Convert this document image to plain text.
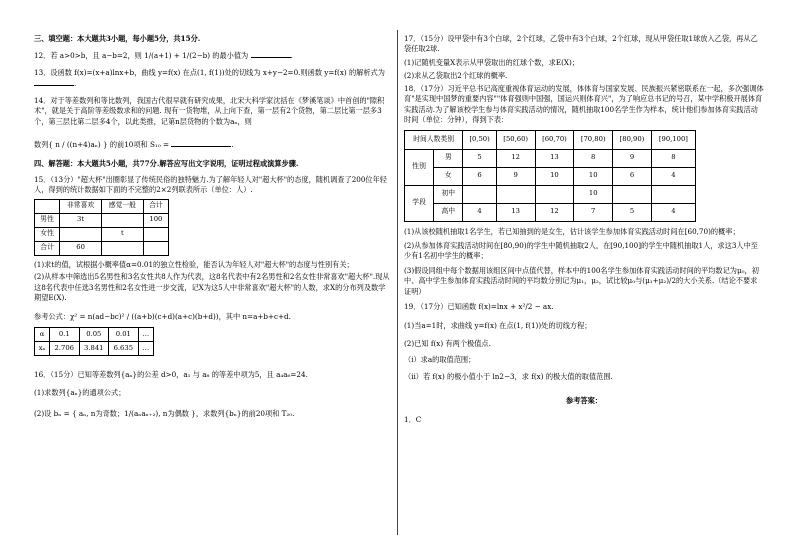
三、填空题：本大题共3小题，每小题5分，共15分.

12．若 a>0>b，且 a−b=2，则 1/(a+1) + 1/(2−b) 的最小值为	.

13．设函数 f(x)=(x+a)lnx+b，曲线 y=f(x) 在点(1, f(1))处的切线为 x+y−2=0.则函数 y=f(x) 的解析式为 .

14．对于等差数列和等比数列，我国古代很早就有研究成果，北宋大科学家沈括在《梦溪笔谈》中首创的"隙积术"，就是关于高阶等差级数求和的问题. 现有一货物堆，从上向下查，第一层有2个货物，第二层比第一层多3个，第三层比第二层多4个，以此类推，记第n层货物的个数为aₙ，则

数列{ n / ((n+4)aₙ) } 的前10项和 S₁₀ =	.

四、解答题：本大题共5小题，共77分.解答应写出文字说明，证明过程或演算步骤.

15．（13分）"超大杯"出圈彰显了传统民俗的独特魅力.为了解年轻人对"超大杯"的态度，随机调查了200位年轻人，得到的统计数据如下面的不完整的2×2列联表所示（单位：人）.

	非常喜欢	感觉一般	合计
男性	3t		100
女性		t	
合计	60		

(1)求t的值，试根据小概率值α=0.01的独立性检验，能否认为年轻人对"超大杯"的态度与性别有关；

(2)从样本中筛选出5名男性和3名女性共8人作为代表，这8名代表中有2名男性和2名女性非常喜欢"超大杯".现从这8名代表中任选3名男性和2名女性进一步交流，记X为这5人中非常喜欢"超大杯"的人数，求X的分布列及数学期望E(X).

参考公式：χ² = n(ad−bc)² / ((a+b)(c+d)(a+c)(b+d))，其中 n=a+b+c+d.

α	0.1	0.05	0.01	…
xₐ	2.706	3.841	6.635	…

16．（15分）已知等差数列{aₙ}的公差 d>0，a₁ 与 a₈ 的等差中项为5，且 a₄a₆=24.

(1)求数列{aₙ}的通项公式；

(2)设 bₙ = { aₙ, n为奇数；1/(aₙaₙ₊₂), n为偶数 }，求数列{bₙ}的前20项和 T₂₀.

17．（15分）设甲袋中有3个白球，2个红球，乙袋中有3个白球，2个红球，现从甲袋任取1球放入乙袋，再从乙袋任取2球.

(1)记随机变量X表示从甲袋取出的红球个数，求E(X)；

(2)求从乙袋取出2个红球的概率.

18．（17分）习近平总书记高度重视体育运动的发展，体体育与国家发展、民族振兴紧密联系在一起，多次强调体育"是实现中国梦的重要内容""体育强则中国强，国运兴则体育兴"，为了响应总书记的号召，某中学积极开展体育实践活动.为了解该校学生参与体育实践活动的情况，随机抽取100名学生作为样本，统计他们参加体育实践活动时间（单位：分钟），得到下表：

时间人数类别		[0,50)	[50,60)	[60,70)	[70,80)	[80,90)	[90,100]
性别	男	5	12	13	8	9	8
	女	6	9	10	10	6	4
学段	初中				10		
	高中	4	13	12	7	5	4

(1)从该校随机抽取1名学生，若已知抽到的是女生，估计该学生参加体育实践活动时间在[60,70)的概率；

(2)从参加体育实践活动时间在[80,90)的学生中随机抽取2人，在[90,100]的学生中随机抽取1人，求这3人中至少有1名初中学生的概率；

(3)假设同组中每个数据用该组区间中点值代替，样本中的100名学生参加体育实践活动时间的平均数记为μ₀，初中、高中学生参加体育实践活动时间的平均数分别记为μ₁，μ₂，试比较μ₀与(μ₁+μ₂)/2的大小关系.（结论不要求证明）

19．（17分）已知函数 f(x)=lnx + x²/2 − ax.

(1)当a=1时，求曲线 y=f(x) 在点(1, f(1))处的切线方程；

(2)已知 f(x) 有两个极值点.

（ⅰ）求a的取值范围；

（ⅱ）若 f(x) 的极小值小于 ln2−3，求 f(x) 的极大值的取值范围.

参考答案：

1．C
